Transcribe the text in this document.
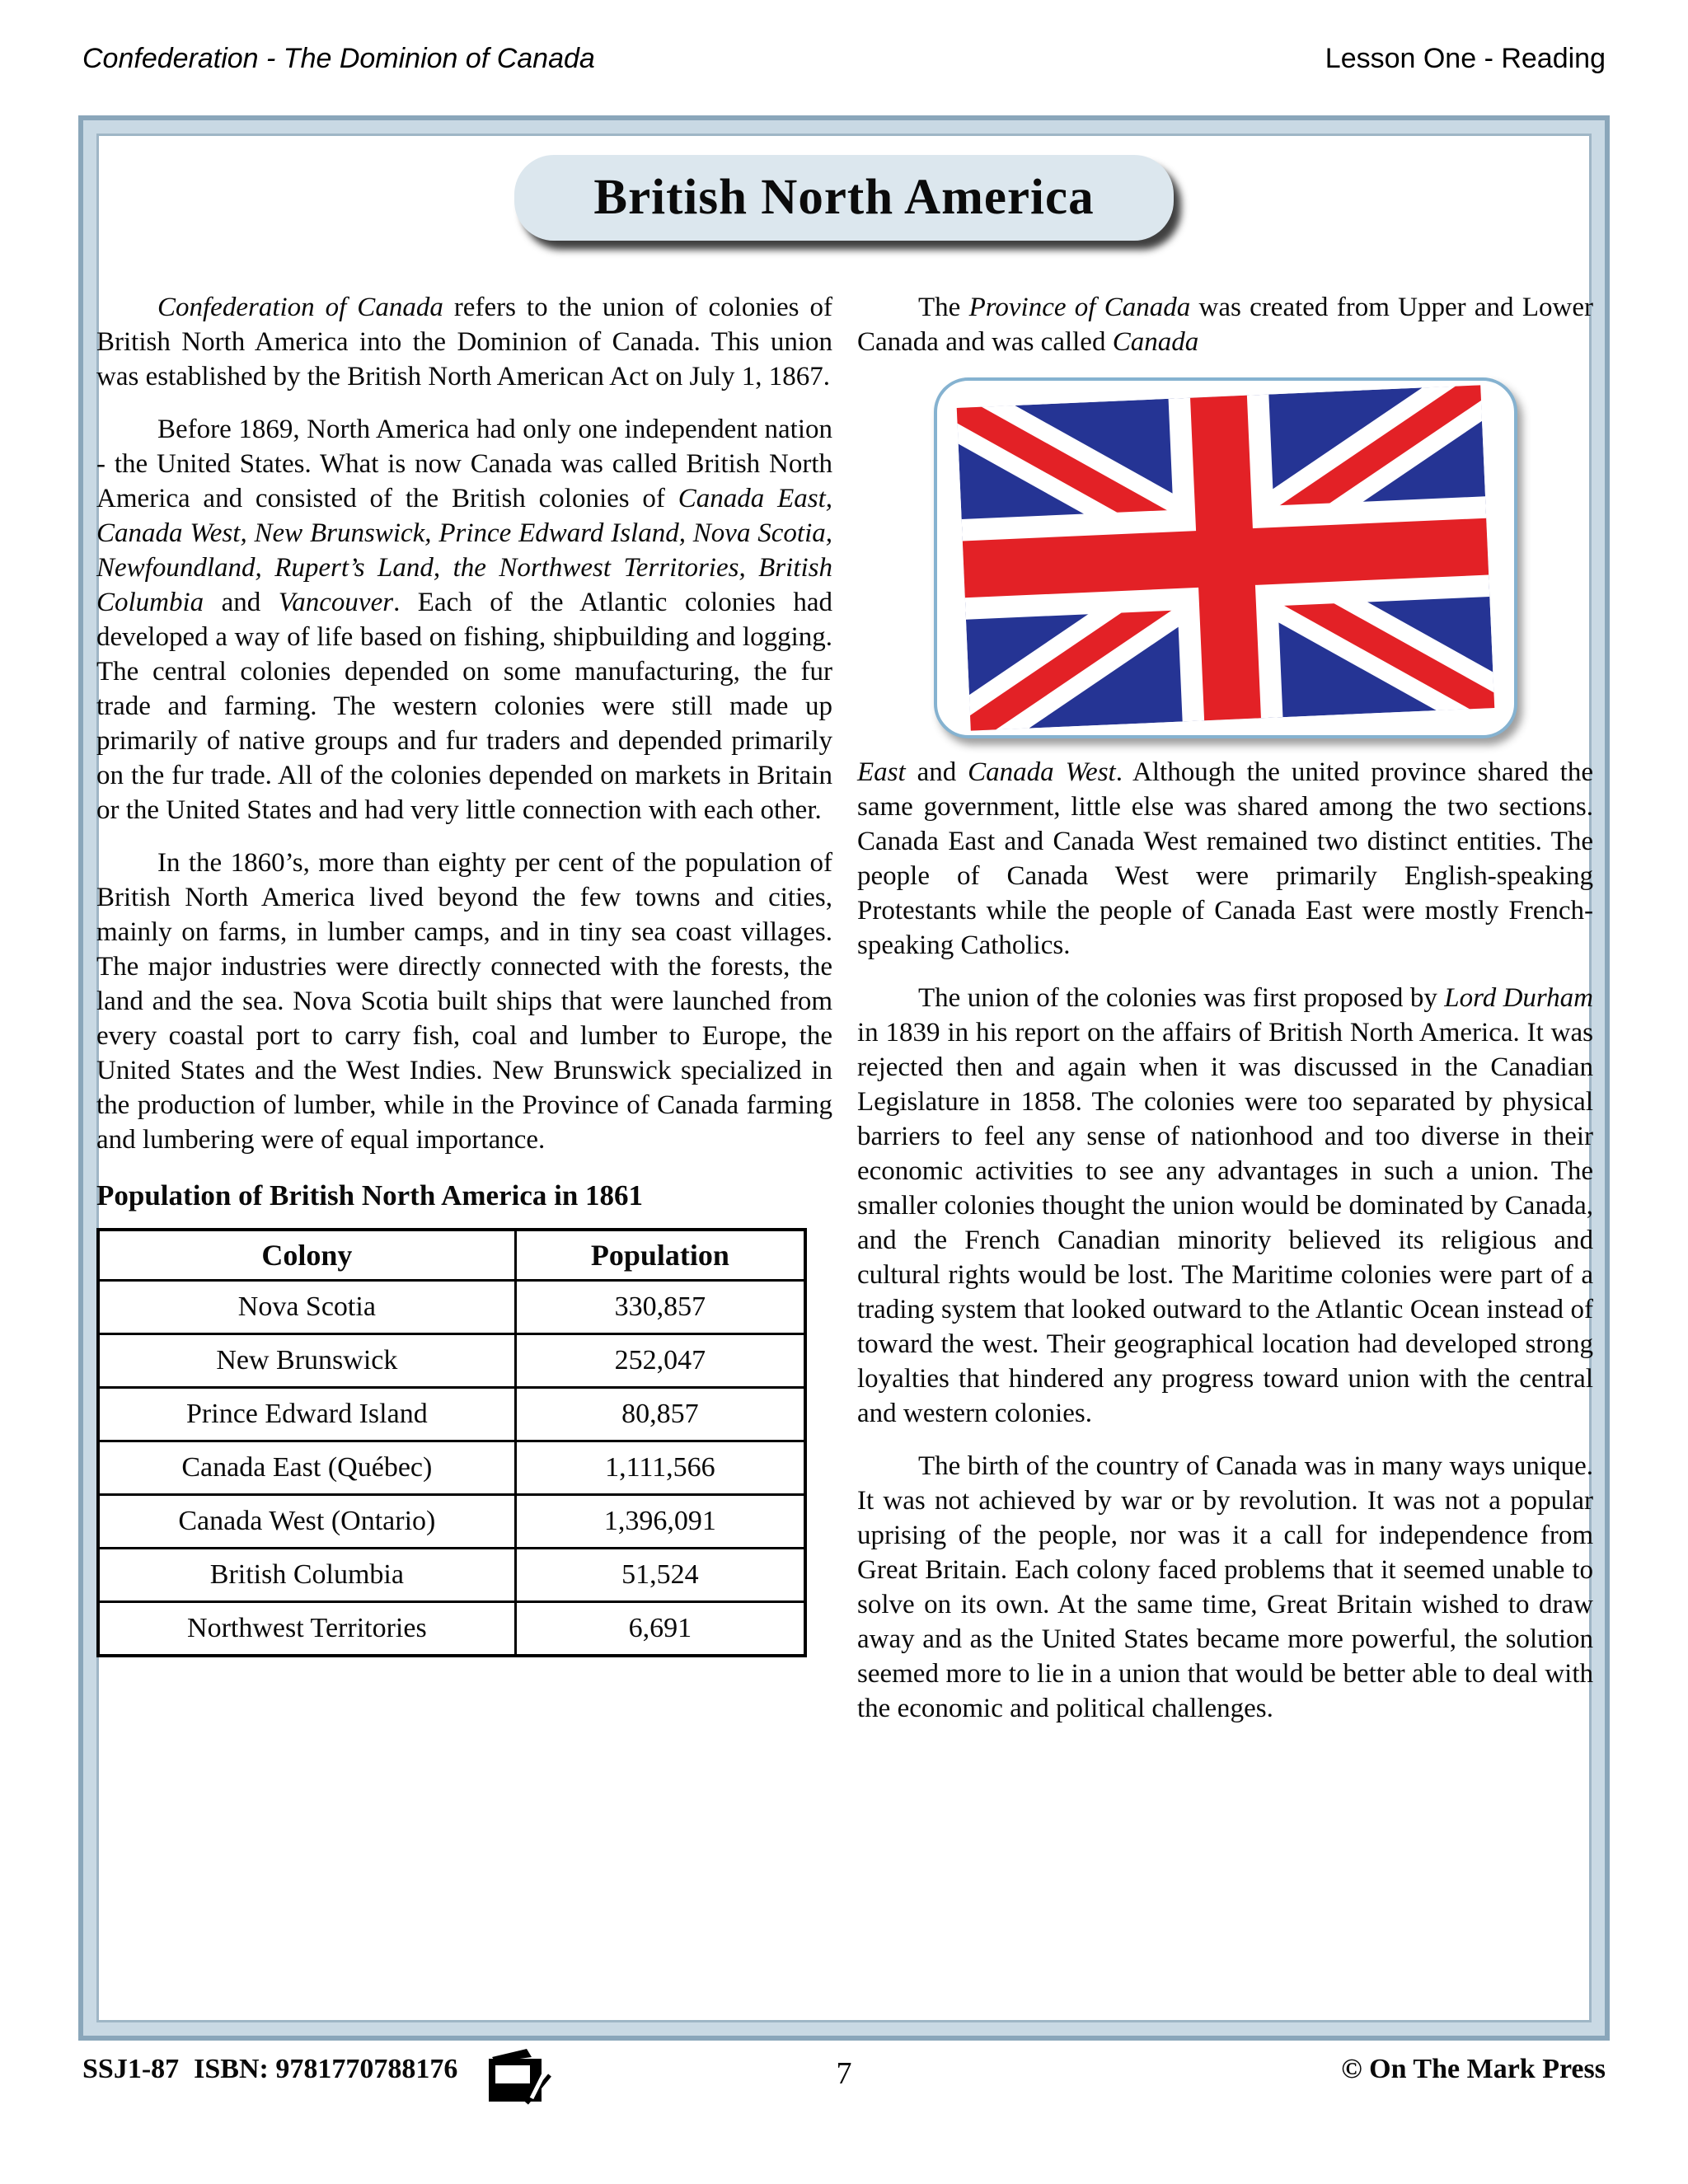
Confederation - The Dominion of Canada	Lesson One - Reading
British North America

Confederation of Canada refers to the union of colonies of British North America into the Dominion of Canada. This union was established by the British North American Act on July 1, 1867.

Before 1869, North America had only one independent nation - the United States. What is now Canada was called British North America and consisted of the British colonies of Canada East, Canada West, New Brunswick, Prince Edward Island, Nova Scotia, Newfoundland, Rupert’s Land, the Northwest Territories, British Columbia and Vancouver. Each of the Atlantic colonies had developed a way of life based on fishing, shipbuilding and logging. The central colonies depended on some manufacturing, the fur trade and farming. The western colonies were still made up primarily of native groups and fur traders and depended primarily on the fur trade. All of the colonies depended on markets in Britain or the United States and had very little connection with each other.

In the 1860’s, more than eighty per cent of the population of British North America lived beyond the few towns and cities, mainly on farms, in lumber camps, and in tiny sea coast villages. The major industries were directly connected with the forests, the land and the sea. Nova Scotia built ships that were launched from every coastal port to carry fish, coal and lumber to Europe, the United States and the West Indies. New Brunswick specialized in the production of lumber, while in the Province of Canada farming and lumbering were of equal importance.

Population of British North America in 1861
Colony	Population
Nova Scotia	330,857
New Brunswick	252,047
Prince Edward Island	80,857
Canada East (Québec)	1,111,566
Canada West (Ontario)	1,396,091
British Columbia	51,524
Northwest Territories	6,691

The Province of Canada was created from Upper and Lower Canada and was called Canada

East and Canada West. Although the united province shared the same government, little else was shared among the two sections. Canada East and Canada West remained two distinct entities. The people of Canada West were primarily English-speaking Protestants while the people of Canada East were mostly French-speaking Catholics.

The union of the colonies was first proposed by Lord Durham in 1839 in his report on the affairs of British North America. It was rejected then and again when it was discussed in the Canadian Legislature in 1858. The colonies were too separated by physical barriers to feel any sense of nationhood and too diverse in their economic activities to see any advantages in such a union. The smaller colonies thought the union would be dominated by Canada, and the French Canadian minority believed its religious and cultural rights would be lost. The Maritime colonies were part of a trading system that looked outward to the Atlantic Ocean instead of toward the west. Their geographical location had developed strong loyalties that hindered any progress toward union with the central and western colonies.

The birth of the country of Canada was in many ways unique. It was not achieved by war or by revolution. It was not a popular uprising of the people, nor was it a call for independence from Great Britain. Each colony faced problems that it seemed unable to solve on its own. At the same time, Great Britain wished to draw away and as the United States became more powerful, the solution seemed more to lie in a union that would be better able to deal with the economic and political challenges.

SSJ1-87 ISBN: 9781770788176	7	© On The Mark Press
